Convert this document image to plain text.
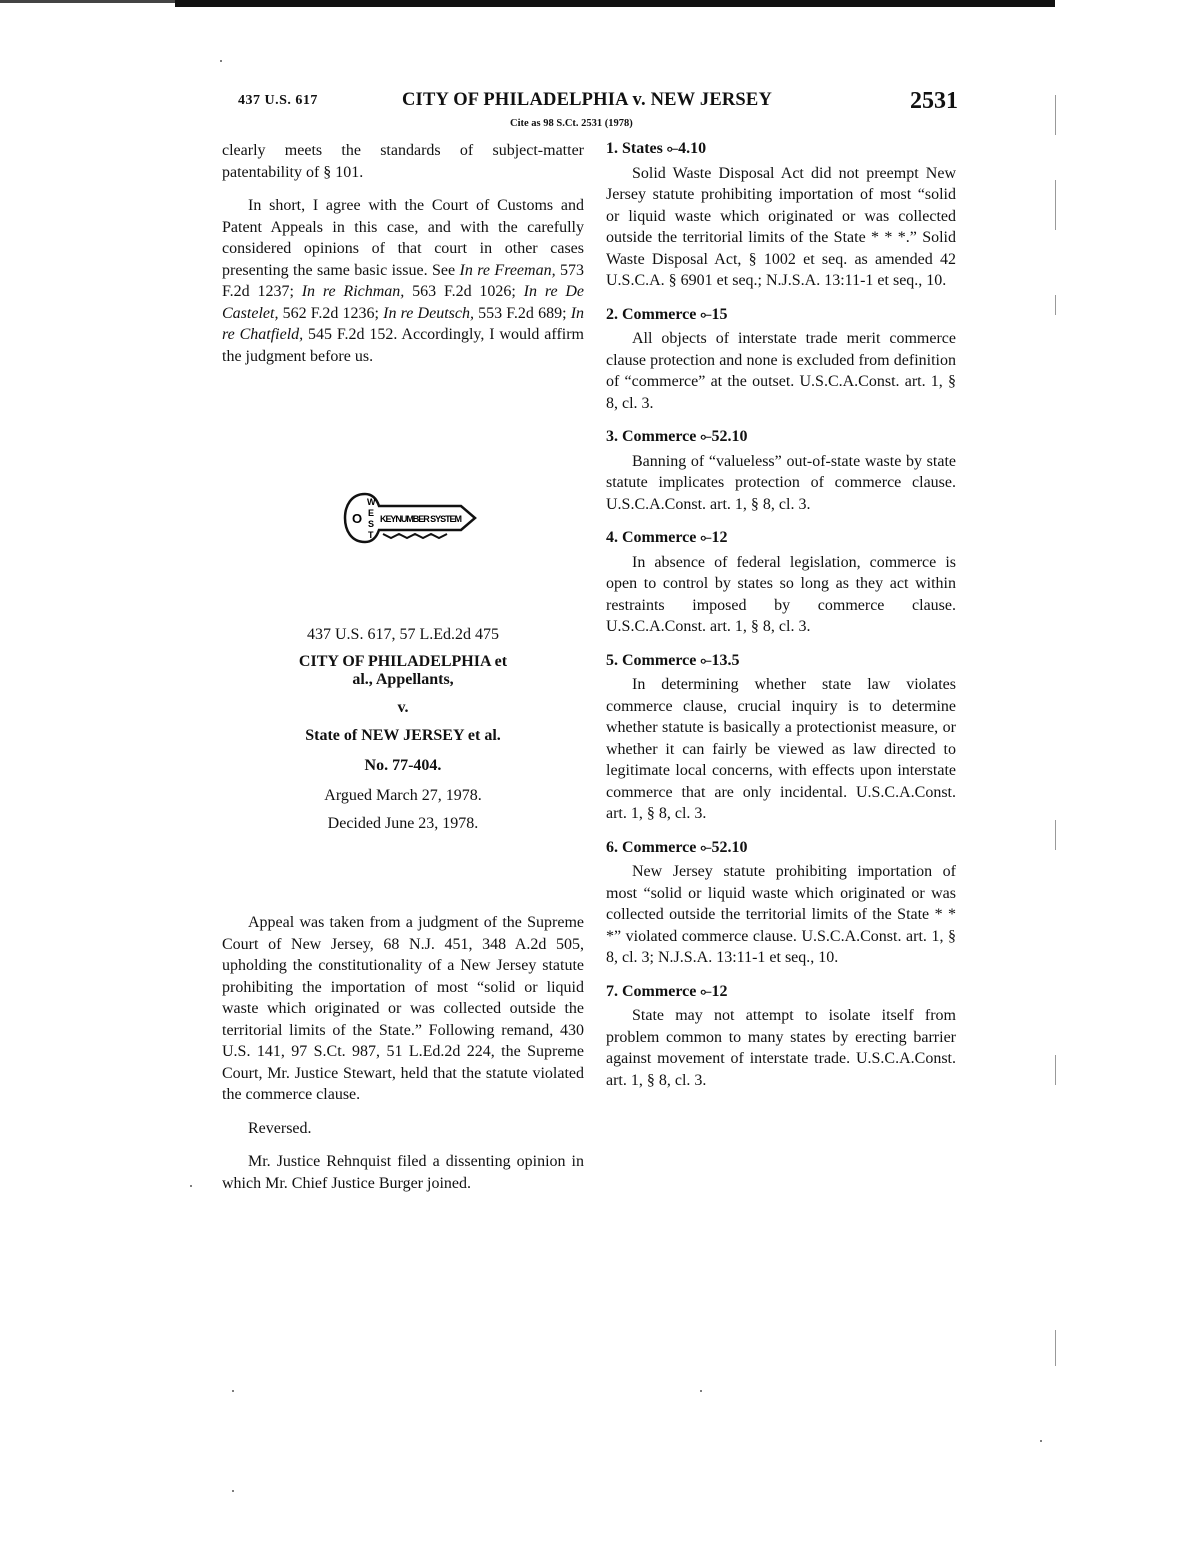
437 U.S. 617	CITY OF PHILADELPHIA v. NEW JERSEY	2531
Cite as 98 S.Ct. 2531 (1978)

clearly meets the standards of subject-matter patentability of § 101.

In short, I agree with the Court of Customs and Patent Appeals in this case, and with the carefully considered opinions of that court in other cases presenting the same basic issue. See In re Freeman, 573 F.2d 1237; In re Richman, 563 F.2d 1026; In re De Castelet, 562 F.2d 1236; In re Deutsch, 553 F.2d 689; In re Chatfield, 545 F.2d 152. Accordingly, I would affirm the judgment before us.

O
W
E
S
T
KEYNUMBER SYSTEM

437 U.S. 617, 57 L.Ed.2d 475

CITY OF PHILADELPHIA et

al., Appellants,

v.

State of NEW JERSEY et al.

No. 77-404.

Argued March 27, 1978.

Decided June 23, 1978.

Appeal was taken from a judgment of the Supreme Court of New Jersey, 68 N.J. 451, 348 A.2d 505, upholding the constitutionality of a New Jersey statute prohibiting the importation of most “solid or liquid waste which originated or was collected outside the territorial limits of the State.” Following remand, 430 U.S. 141, 97 S.Ct. 987, 51 L.Ed.2d 224, the Supreme Court, Mr. Justice Stewart, held that the statute violated the commerce clause.

Reversed.

Mr. Justice Rehnquist filed a dissenting opinion in which Mr. Chief Justice Burger joined.

1. States ⟜4.10

Solid Waste Disposal Act did not preempt New Jersey statute prohibiting importation of most “solid or liquid waste which originated or was collected outside the territorial limits of the State * * *.” Solid Waste Disposal Act, § 1002 et seq. as amended 42 U.S.C.A. § 6901 et seq.; N.J.S.A. 13:11-1 et seq., 10.

2. Commerce ⟜15

All objects of interstate trade merit commerce clause protection and none is excluded from definition of “commerce” at the outset. U.S.C.A.Const. art. 1, § 8, cl. 3.

3. Commerce ⟜52.10

Banning of “valueless” out-of-state waste by state statute implicates protection of commerce clause. U.S.C.A.Const. art. 1, § 8, cl. 3.

4. Commerce ⟜12

In absence of federal legislation, commerce is open to control by states so long as they act within restraints imposed by commerce clause. U.S.C.A.Const. art. 1, § 8, cl. 3.

5. Commerce ⟜13.5

In determining whether state law violates commerce clause, crucial inquiry is to determine whether statute is basically a protectionist measure, or whether it can fairly be viewed as law directed to legitimate local concerns, with effects upon interstate commerce that are only incidental. U.S.C.A.Const. art. 1, § 8, cl. 3.

6. Commerce ⟜52.10

New Jersey statute prohibiting importation of most “solid or liquid waste which originated or was collected outside the territorial limits of the State * * *” violated commerce clause. U.S.C.A.Const. art. 1, § 8, cl. 3; N.J.S.A. 13:11-1 et seq., 10.

7. Commerce ⟜12

State may not attempt to isolate itself from problem common to many states by erecting barrier against movement of interstate trade. U.S.C.A.Const. art. 1, § 8, cl. 3.
